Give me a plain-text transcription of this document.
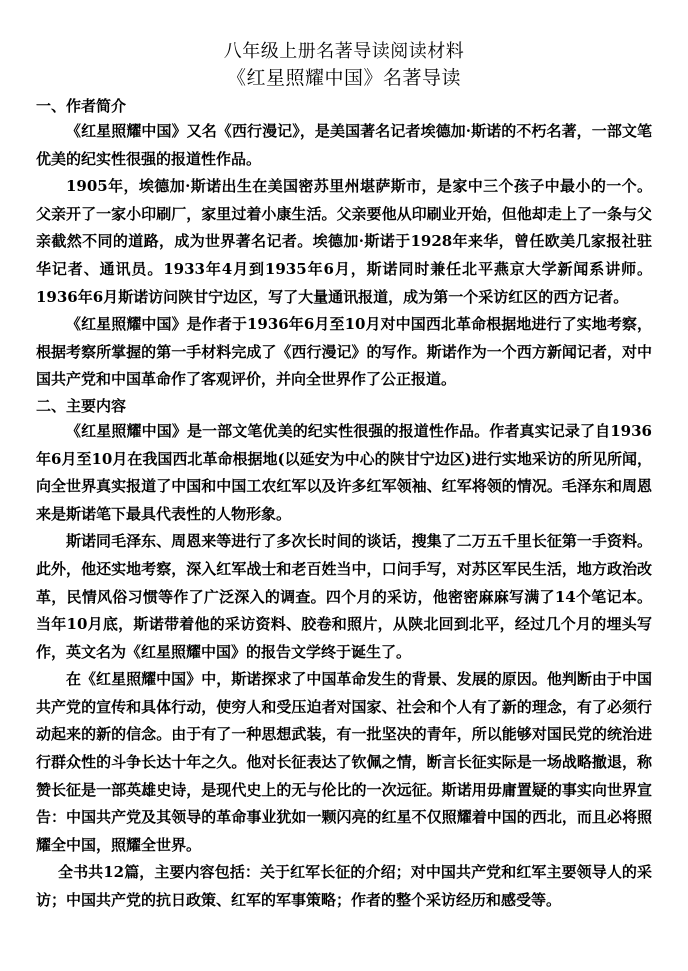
八年级上册名著导读阅读材料
《红星照耀中国》名著导读
一、作者简介

《红星照耀中国》又名《西行漫记》，是美国著名记者埃德加·斯诺的不朽名著，一部文笔优美的纪实性很强的报道性作品。

1905年，埃德加·斯诺出生在美国密苏里州堪萨斯市，是家中三个孩子中最小的一个。父亲开了一家小印刷厂，家里过着小康生活。父亲要他从印刷业开始，但他却走上了一条与父亲截然不同的道路，成为世界著名记者。埃德加·斯诺于1928年来华，曾任欧美几家报社驻华记者、通讯员。1933年4月到1935年6月，斯诺同时兼任北平燕京大学新闻系讲师。1936年6月斯诺访问陕甘宁边区，写了大量通讯报道，成为第一个采访红区的西方记者。

《红星照耀中国》是作者于1936年6月至10月对中国西北革命根据地进行了实地考察，根据考察所掌握的第一手材料完成了《西行漫记》的写作。斯诺作为一个西方新闻记者，对中国共产党和中国革命作了客观评价，并向全世界作了公正报道。

二、主要内容

《红星照耀中国》是一部文笔优美的纪实性很强的报道性作品。作者真实记录了自1936年6月至10月在我国西北革命根据地(以延安为中心的陕甘宁边区)进行实地采访的所见所闻，向全世界真实报道了中国和中国工农红军以及许多红军领袖、红军将领的情况。毛泽东和周恩来是斯诺笔下最具代表性的人物形象。

斯诺同毛泽东、周恩来等进行了多次长时间的谈话，搜集了二万五千里长征第一手资料。此外，他还实地考察，深入红军战士和老百姓当中，口问手写，对苏区军民生活，地方政治改革，民情风俗习惯等作了广泛深入的调查。四个月的采访，他密密麻麻写满了14个笔记本。当年10月底，斯诺带着他的采访资料、胶卷和照片，从陕北回到北平，经过几个月的埋头写作，英文名为《红星照耀中国》的报告文学终于诞生了。

在《红星照耀中国》中，斯诺探求了中国革命发生的背景、发展的原因。他判断由于中国共产党的宣传和具体行动，使穷人和受压迫者对国家、社会和个人有了新的理念，有了必须行动起来的新的信念。由于有了一种思想武装，有一批坚决的青年，所以能够对国民党的统治进行群众性的斗争长达十年之久。他对长征表达了钦佩之情，断言长征实际是一场战略撤退，称赞长征是一部英雄史诗，是现代史上的无与伦比的一次远征。斯诺用毋庸置疑的事实向世界宣告：中国共产党及其领导的革命事业犹如一颗闪亮的红星不仅照耀着中国的西北，而且必将照耀全中国，照耀全世界。

全书共12篇，主要内容包括：关于红军长征的介绍；对中国共产党和红军主要领导人的采访；中国共产党的抗日政策、红军的军事策略；作者的整个采访经历和感受等。
